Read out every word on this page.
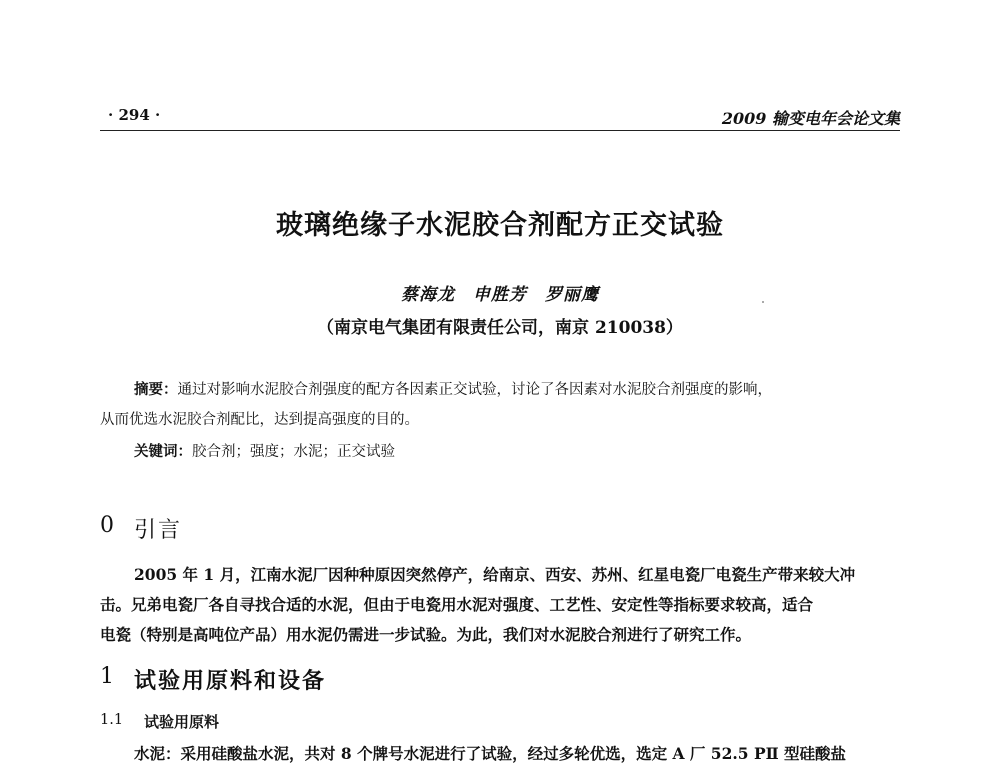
· 294 ·	2009 输变电年会论文集
玻璃绝缘子水泥胶合剂配方正交试验
蔡海龙　申胜芳　罗丽鹰
（南京电气集团有限责任公司，南京 210038）
摘要：通过对影响水泥胶合剂强度的配方各因素正交试验，讨论了各因素对水泥胶合剂强度的影响，
从而优选水泥胶合剂配比，达到提高强度的目的。
关键词：胶合剂；强度；水泥；正交试验
0 引言
2005 年 1 月，江南水泥厂因种种原因突然停产，给南京、西安、苏州、红星电瓷厂电瓷生产带来较大冲
击。兄弟电瓷厂各自寻找合适的水泥，但由于电瓷用水泥对强度、工艺性、安定性等指标要求较高，适合
电瓷（特别是高吨位产品）用水泥仍需进一步试验。为此，我们对水泥胶合剂进行了研究工作。
1 试验用原料和设备
1.1 试验用原料
水泥：采用硅酸盐水泥，共对 8 个牌号水泥进行了试验，经过多轮优选，选定 A 厂 52.5 PⅡ 型硅酸盐
